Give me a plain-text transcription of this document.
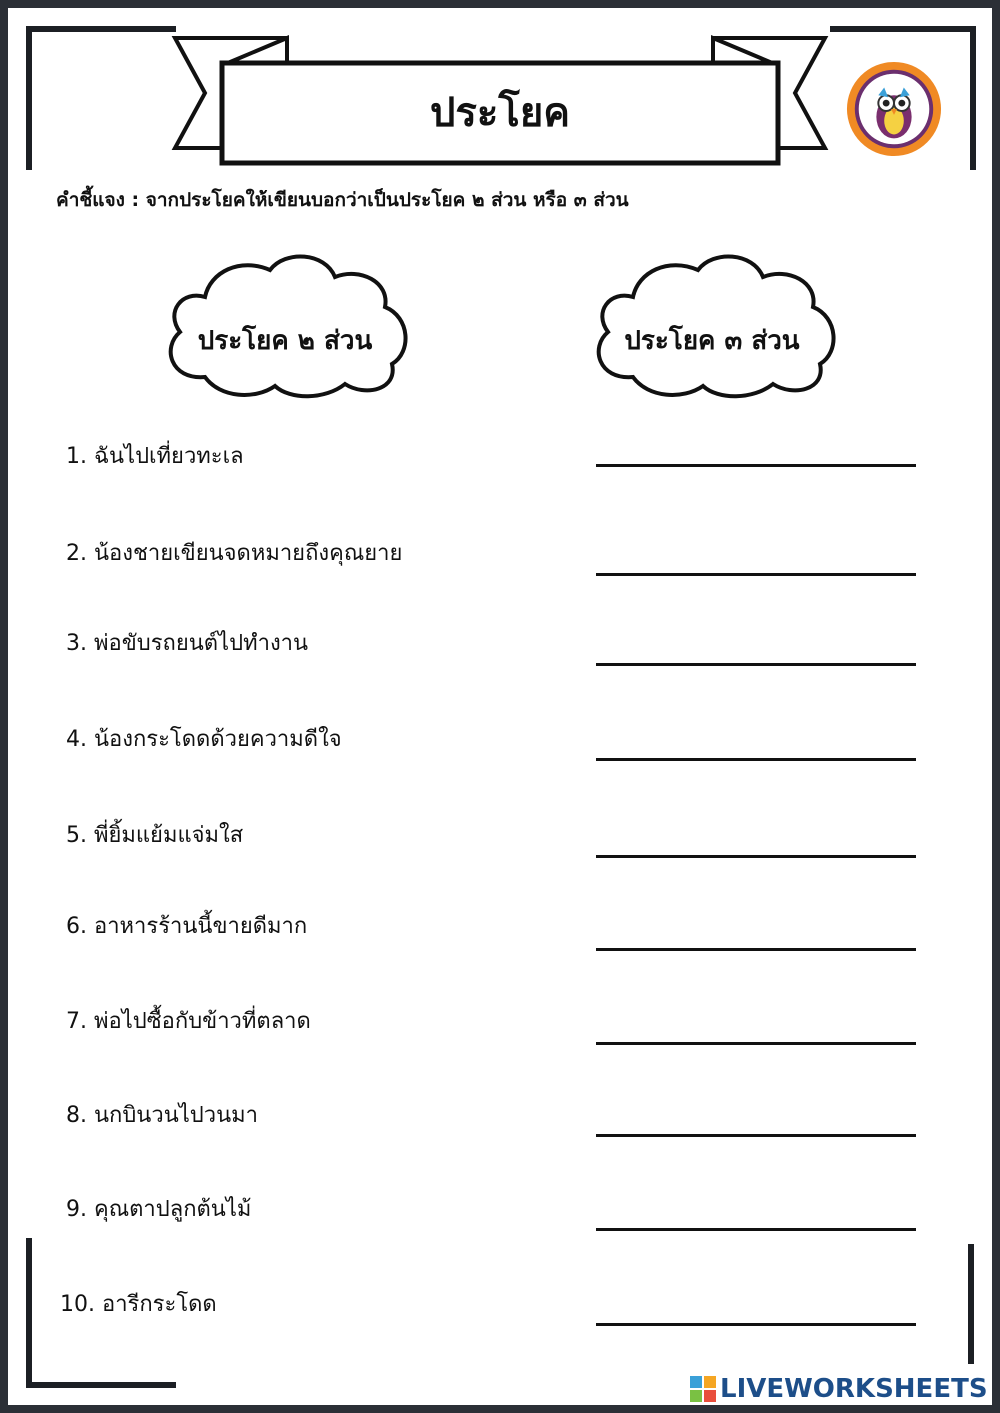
ประโยค
คำชี้แจง : จากประโยคให้เขียนบอกว่าเป็นประโยค ๒ ส่วน หรือ ๓ ส่วน
ประโยค ๒ ส่วน	ประโยค ๓ ส่วน
1. ฉันไปเที่ยวทะเล
2. น้องชายเขียนจดหมายถึงคุณยาย
3. พ่อขับรถยนต์ไปทำงาน
4. น้องกระโดดด้วยความดีใจ
5. พี่ยิ้มแย้มแจ่มใส
6. อาหารร้านนี้ขายดีมาก
7. พ่อไปซื้อกับข้าวที่ตลาด
8. นกบินวนไปวนมา
9. คุณตาปลูกต้นไม้
10. อารีกระโดด
LIVEWORKSHEETS
